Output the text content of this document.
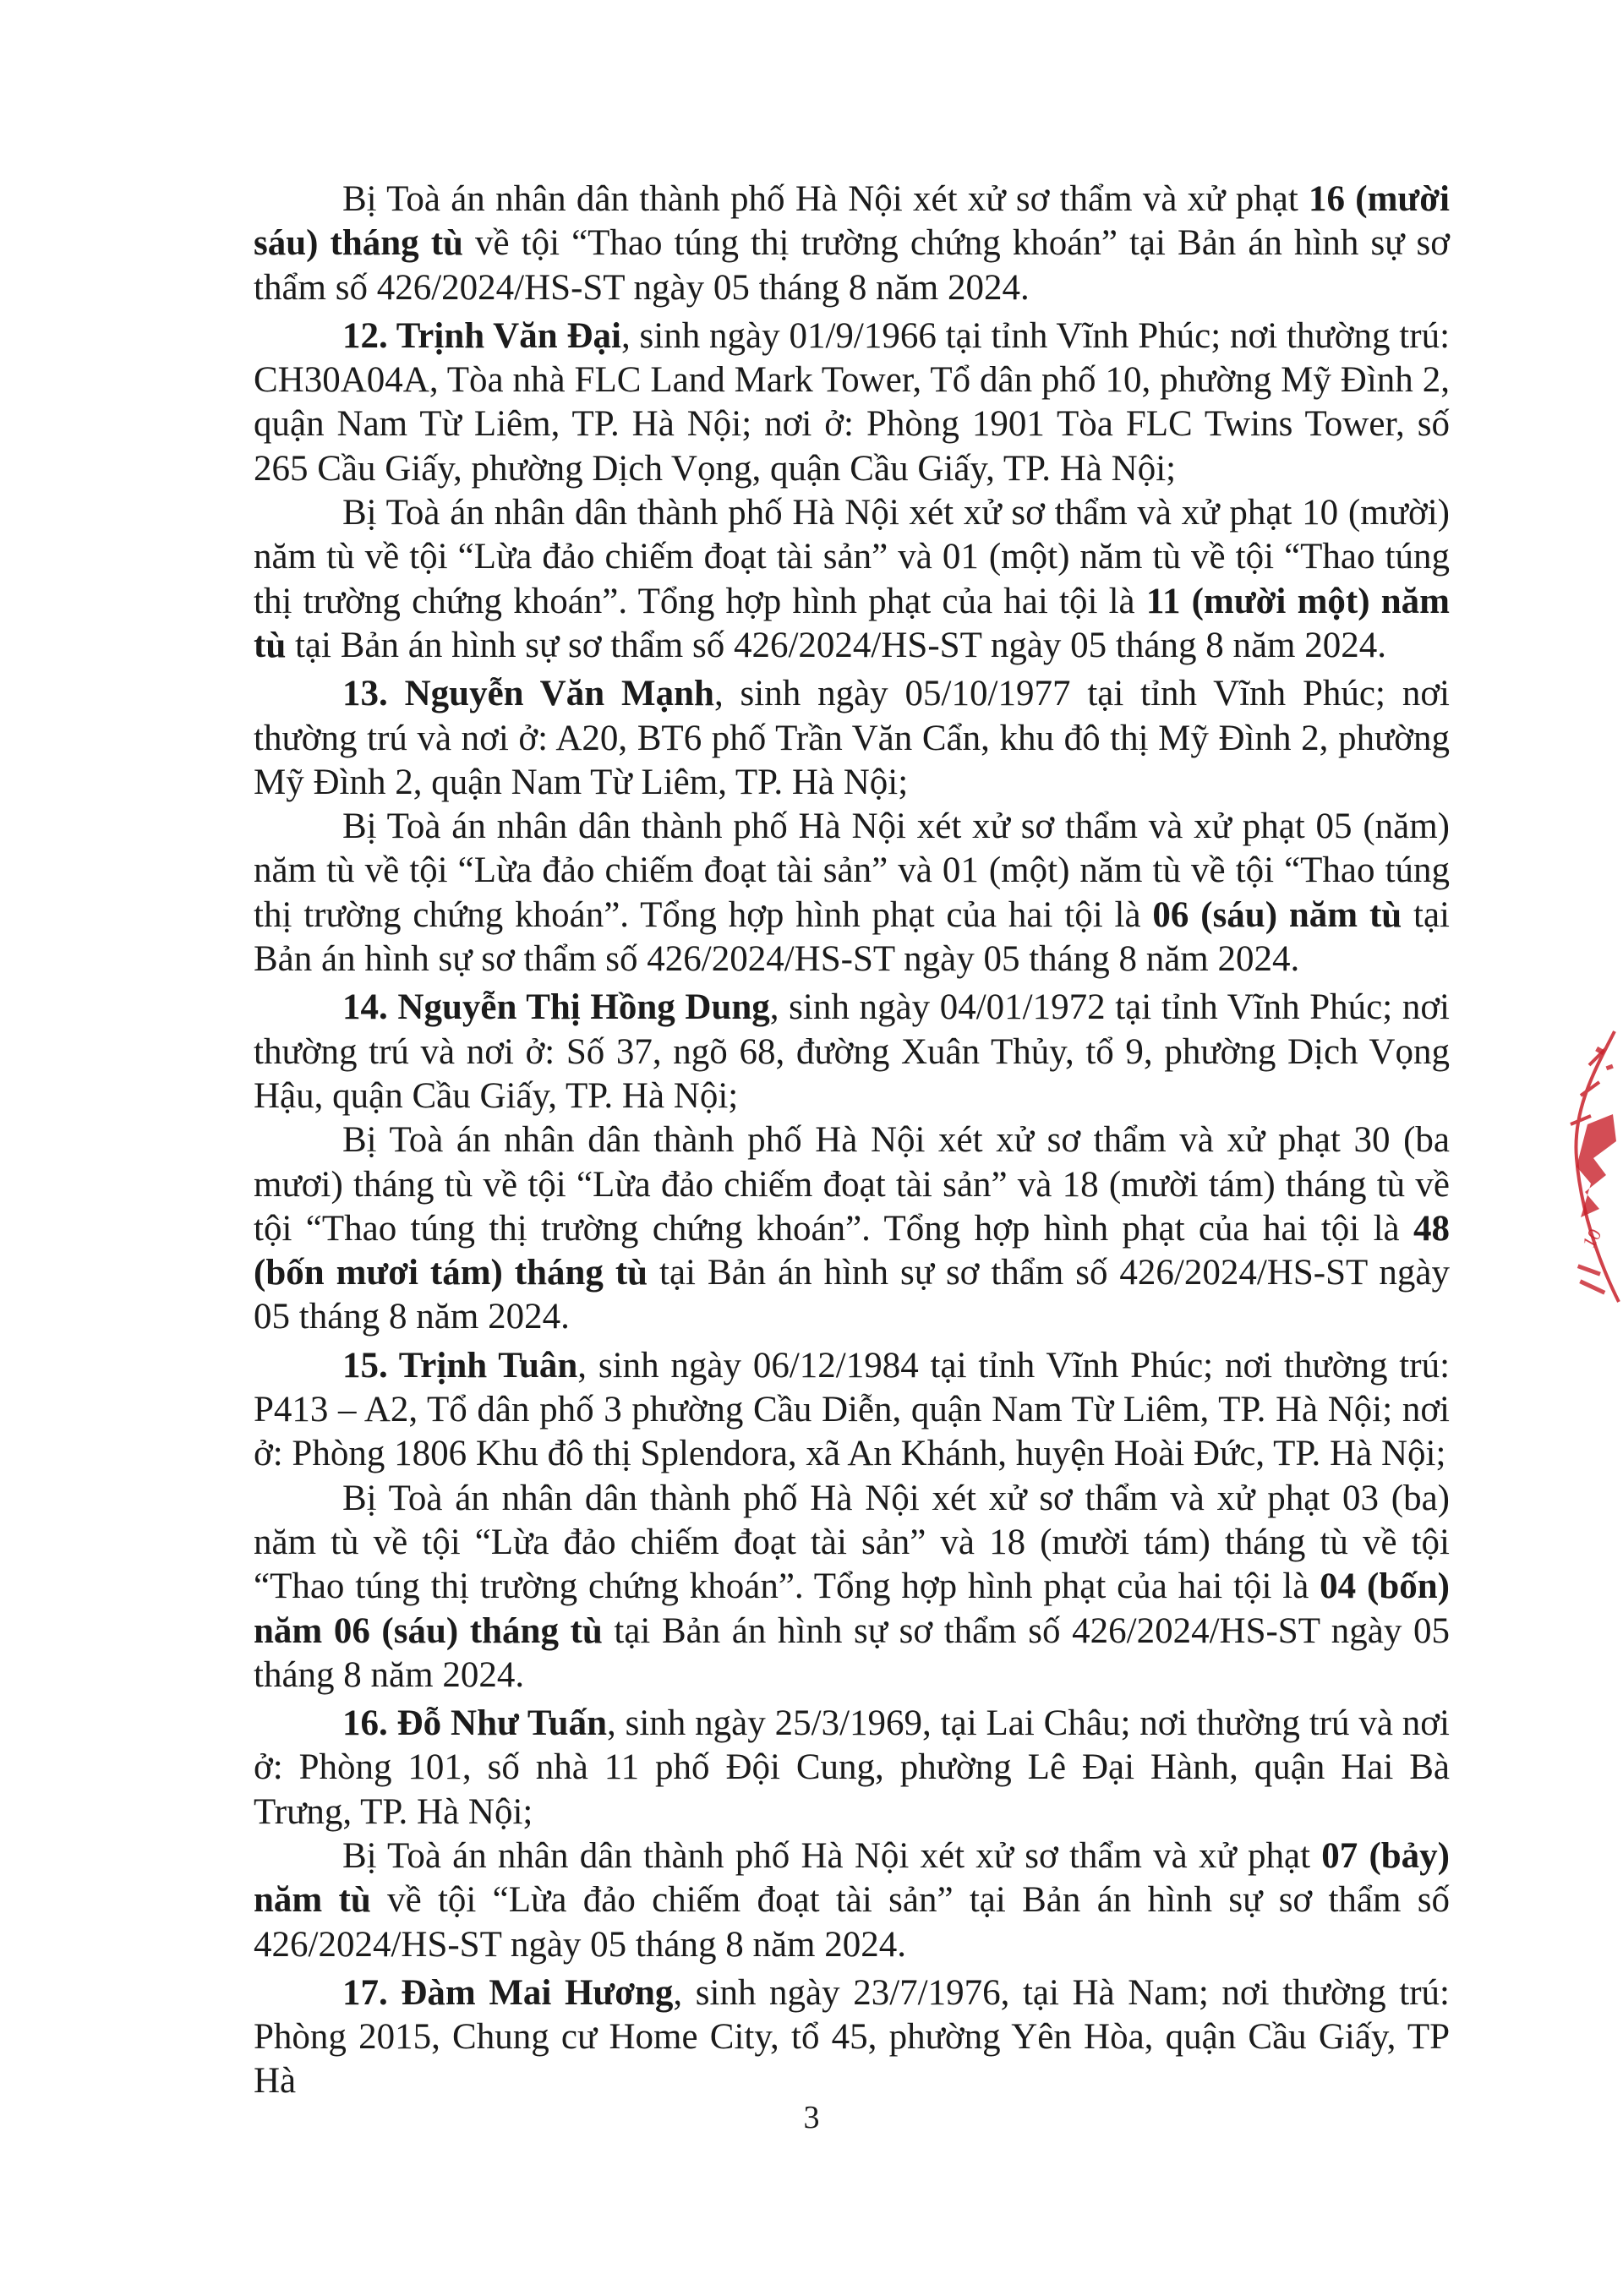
Bị Toà án nhân dân thành phố Hà Nội xét xử sơ thẩm và xử phạt 16 (mười sáu) tháng tù về tội “Thao túng thị trường chứng khoán” tại Bản án hình sự sơ thẩm số 426/2024/HS-ST ngày 05 tháng 8 năm 2024.

12. Trịnh Văn Đại, sinh ngày 01/9/1966 tại tỉnh Vĩnh Phúc; nơi thường trú: CH30A04A, Tòa nhà FLC Land Mark Tower, Tổ dân phố 10, phường Mỹ Đình 2, quận Nam Từ Liêm, TP. Hà Nội; nơi ở: Phòng 1901 Tòa FLC Twins Tower, số 265 Cầu Giấy, phường Dịch Vọng, quận Cầu Giấy, TP. Hà Nội;

Bị Toà án nhân dân thành phố Hà Nội xét xử sơ thẩm và xử phạt 10 (mười) năm tù về tội “Lừa đảo chiếm đoạt tài sản” và 01 (một) năm tù về tội “Thao túng thị trường chứng khoán”. Tổng hợp hình phạt của hai tội là 11 (mười một) năm tù tại Bản án hình sự sơ thẩm số 426/2024/HS-ST ngày 05 tháng 8 năm 2024.

13. Nguyễn Văn Mạnh, sinh ngày 05/10/1977 tại tỉnh Vĩnh Phúc; nơi thường trú và nơi ở: A20, BT6 phố Trần Văn Cẩn, khu đô thị Mỹ Đình 2, phường Mỹ Đình 2, quận Nam Từ Liêm, TP. Hà Nội;

Bị Toà án nhân dân thành phố Hà Nội xét xử sơ thẩm và xử phạt 05 (năm) năm tù về tội “Lừa đảo chiếm đoạt tài sản” và 01 (một) năm tù về tội “Thao túng thị trường chứng khoán”. Tổng hợp hình phạt của hai tội là 06 (sáu) năm tù tại Bản án hình sự sơ thẩm số 426/2024/HS-ST ngày 05 tháng 8 năm 2024.

14. Nguyễn Thị Hồng Dung, sinh ngày 04/01/1972 tại tỉnh Vĩnh Phúc; nơi thường trú và nơi ở: Số 37, ngõ 68, đường Xuân Thủy, tổ 9, phường Dịch Vọng Hậu, quận Cầu Giấy, TP. Hà Nội;

Bị Toà án nhân dân thành phố Hà Nội xét xử sơ thẩm và xử phạt 30 (ba mươi) tháng tù về tội “Lừa đảo chiếm đoạt tài sản” và 18 (mười tám) tháng tù về tội “Thao túng thị trường chứng khoán”. Tổng hợp hình phạt của hai tội là 48 (bốn mươi tám) tháng tù tại Bản án hình sự sơ thẩm số 426/2024/HS-ST ngày 05 tháng 8 năm 2024.

15. Trịnh Tuân, sinh ngày 06/12/1984 tại tỉnh Vĩnh Phúc; nơi thường trú: P413 – A2, Tổ dân phố 3 phường Cầu Diễn, quận Nam Từ Liêm, TP. Hà Nội; nơi ở: Phòng 1806 Khu đô thị Splendora, xã An Khánh, huyện Hoài Đức, TP. Hà Nội;

Bị Toà án nhân dân thành phố Hà Nội xét xử sơ thẩm và xử phạt 03 (ba) năm tù về tội “Lừa đảo chiếm đoạt tài sản” và 18 (mười tám) tháng tù về tội “Thao túng thị trường chứng khoán”. Tổng hợp hình phạt của hai tội là 04 (bốn) năm 06 (sáu) tháng tù tại Bản án hình sự sơ thẩm số 426/2024/HS-ST ngày 05 tháng 8 năm 2024.

16. Đỗ Như Tuấn, sinh ngày 25/3/1969, tại Lai Châu; nơi thường trú và nơi ở: Phòng 101, số nhà 11 phố Đội Cung, phường Lê Đại Hành, quận Hai Bà Trưng, TP. Hà Nội;

Bị Toà án nhân dân thành phố Hà Nội xét xử sơ thẩm và xử phạt 07 (bảy) năm tù về tội “Lừa đảo chiếm đoạt tài sản” tại Bản án hình sự sơ thẩm số 426/2024/HS-ST ngày 05 tháng 8 năm 2024.

17. Đàm Mai Hương, sinh ngày 23/7/1976, tại Hà Nam; nơi thường trú: Phòng 2015, Chung cư Home City, tổ 45, phường Yên Hòa, quận Cầu Giấy, TP Hà

3
10
